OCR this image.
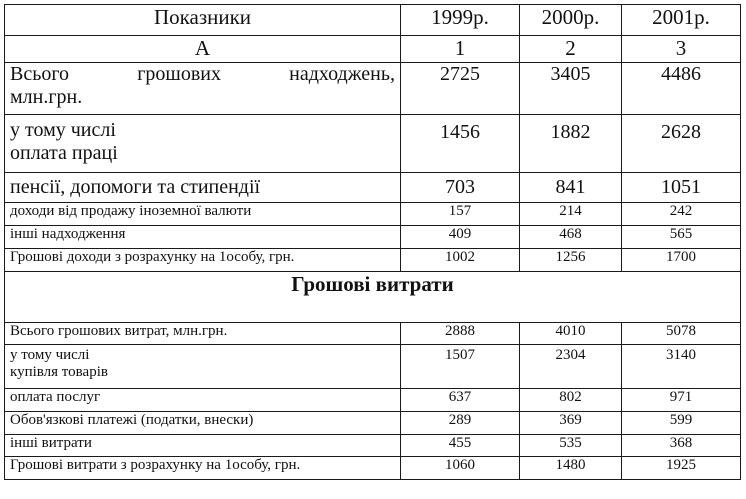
Показники	1999р.	2000р.	2001р.
А	1	2	3

Всього грошових надходжень,
млн.грн.	2725	3405	4486

у тому числі
оплата праці	1456	1882	2628
пенсії, допомоги та стипендії	703	841	1051
доходи від продажу іноземної валюти	157	214	242
інші надходження	409	468	565
Грошові доходи з розрахунку на 1особу, грн.	1002	1256	1700
Грошові витрати			
Всього грошових витрат, млн.грн.	2888	4010	5078

у тому числі
купівля товарів	1507	2304	3140
оплата послуг	637	802	971
Обов'язкові платежі (податки, внески)	289	369	599
інші витрати	455	535	368
Грошові витрати з розрахунку на 1особу, грн.	1060	1480	1925
